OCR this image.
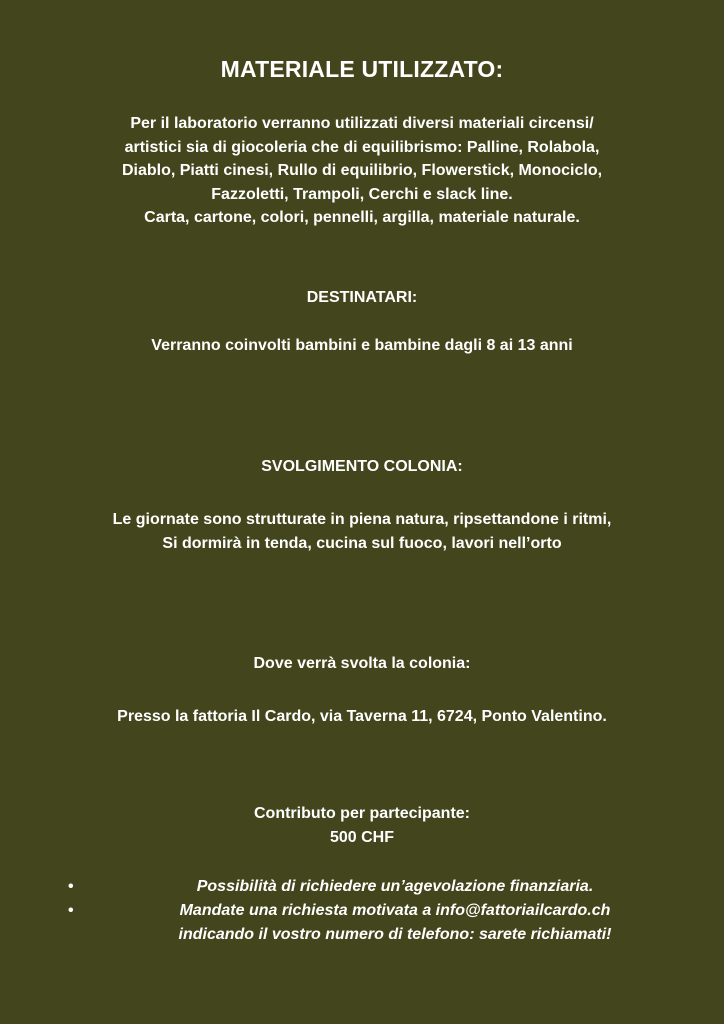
MATERIALE UTILIZZATO:
Per il laboratorio verranno utilizzati diversi materiali circensi/
artistici sia di giocoleria che di equilibrismo: Palline, Rolabola,
Diablo, Piatti cinesi, Rullo di equilibrio, Flowerstick, Monociclo,
Fazzoletti, Trampoli, Cerchi e slack line.
Carta, cartone, colori, pennelli, argilla, materiale naturale.
DESTINATARI:
Verranno coinvolti bambini e bambine dagli 8 ai 13 anni
SVOLGIMENTO COLONIA:
Le giornate sono strutturate in piena natura, ripsettandone i ritmi,
Si dormirà in tenda, cucina sul fuoco, lavori nell’orto
Dove verrà svolta la colonia:
Presso la fattoria Il Cardo, via Taverna 11, 6724, Ponto Valentino.
Contributo per partecipante:
500 CHF
•	Possibilità di richiedere un’agevolazione finanziaria.
•	Mandate una richiesta motivata a info@fattoriailcardo.ch
indicando il vostro numero di telefono: sarete richiamati!
